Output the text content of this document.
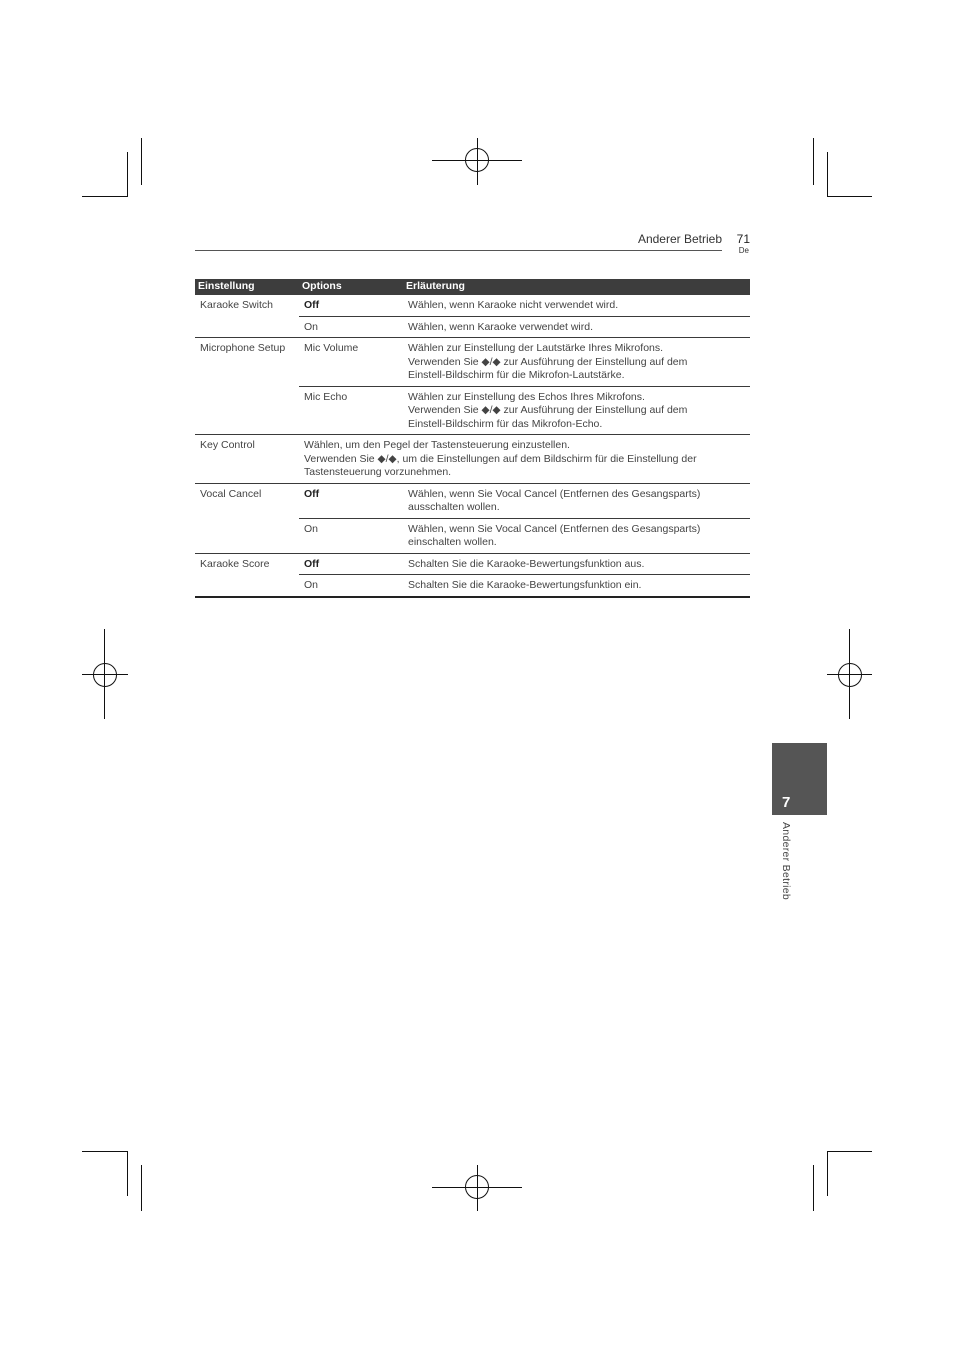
Anderer Betrieb 71
De
Einstellung	Options	Erläuterung
Karaoke Switch	Off	Wählen, wenn Karaoke nicht verwendet wird.
	On	Wählen, wenn Karaoke verwendet wird.
Microphone Setup	Mic Volume	Wählen zur Einstellung der Lautstärke Ihres Mikrofons.
Verwenden Sie ◆/◆ zur Ausführung der Einstellung auf dem
Einstell-Bildschirm für die Mikrofon-Lautstärke.

	Mic Echo	Wählen zur Einstellung des Echos Ihres Mikrofons.
Verwenden Sie ◆/◆ zur Ausführung der Einstellung auf dem
Einstell-Bildschirm für das Mikrofon-Echo.

Key Control	Wählen, um den Pegel der Tastensteuerung einzustellen.
Verwenden Sie ◆/◆, um die Einstellungen auf dem Bildschirm für die Einstellung der
Tastensteuerung vorzunehmen.	

Vocal Cancel	Off	Wählen, wenn Sie Vocal Cancel (Entfernen des Gesangsparts)
ausschalten wollen.

	On	Wählen, wenn Sie Vocal Cancel (Entfernen des Gesangsparts)
einschalten wollen.

Karaoke Score	Off	Schalten Sie die Karaoke-Bewertungsfunktion aus.
	On	Schalten Sie die Karaoke-Bewertungsfunktion ein.
7
Anderer Betrieb
